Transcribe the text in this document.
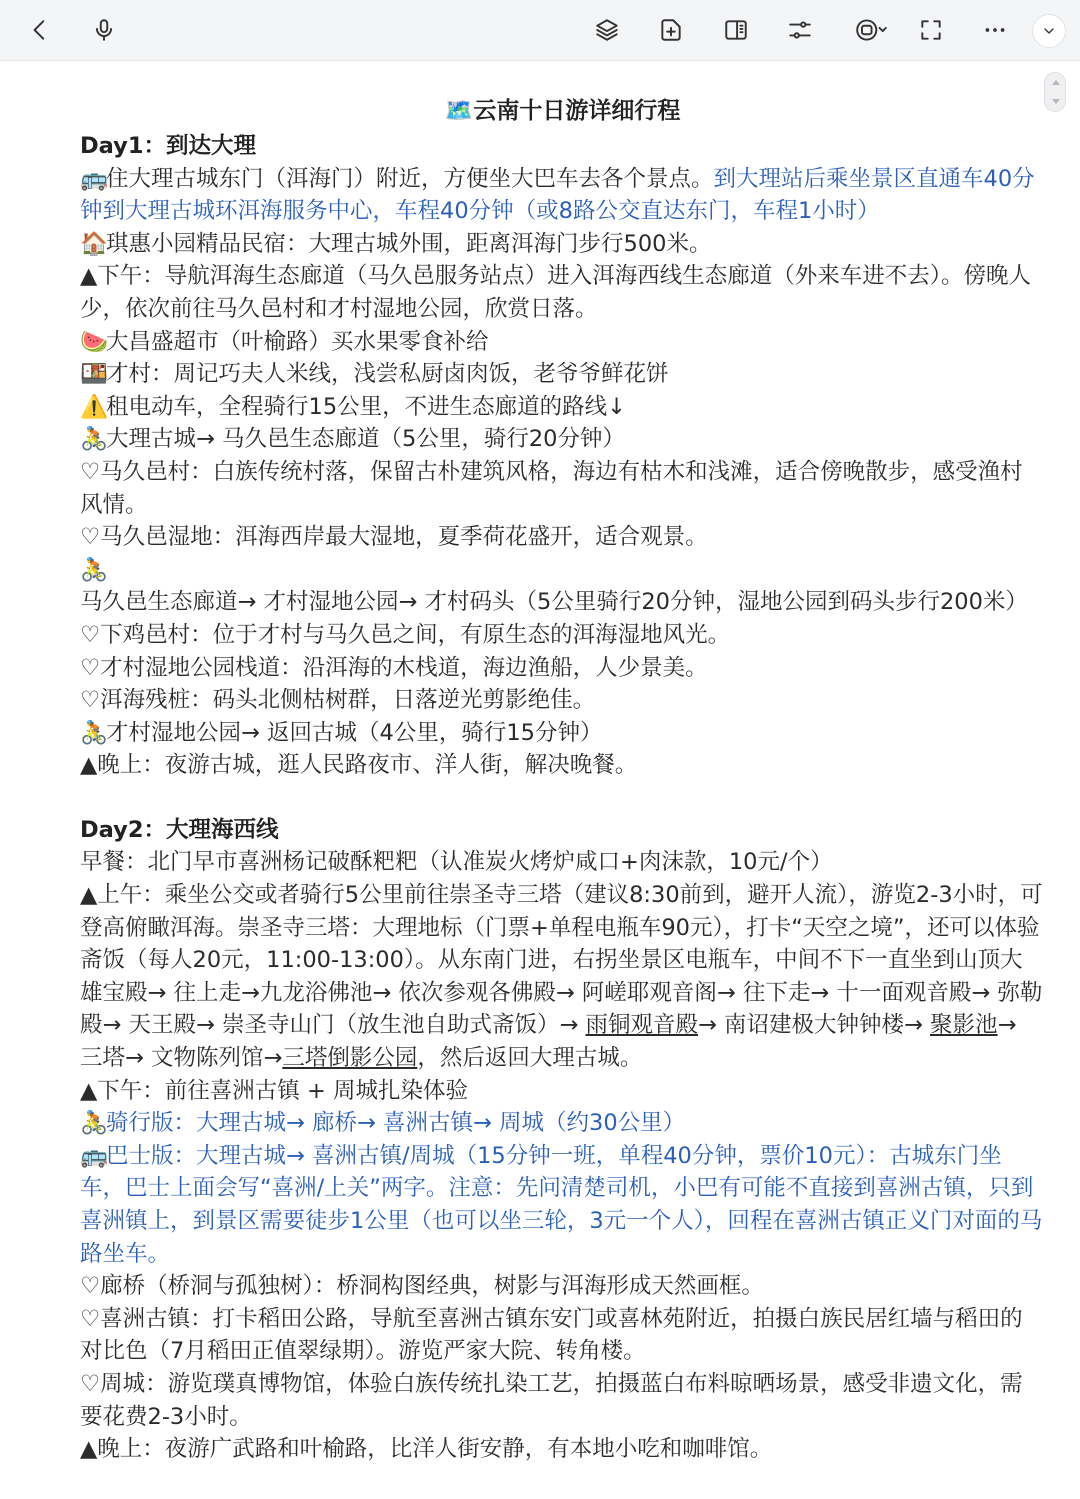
🗺️云南十日游详细行程

Day1：到达大理

🚌住大理古城东门（洱海门）附近，方便坐大巴车去各个景点。到大理站后乘坐景区直通车40分钟到大理古城环洱海服务中心，车程40分钟（或8路公交直达东门，车程1小时）

🏠琪惠小园精品民宿：大理古城外围，距离洱海门步行500米。

▲下午：导航洱海生态廊道（马久邑服务站点）进入洱海西线生态廊道（外来车进不去）。傍晚人少，依次前往马久邑村和才村湿地公园，欣赏日落。

🍉大昌盛超市（叶榆路）买水果零食补给

🍱才村：周记巧夫人米线，浅尝私厨卤肉饭，老爷爷鲜花饼

⚠️租电动车，全程骑行15公里，不进生态廊道的路线↓

🚴大理古城→ 马久邑生态廊道（5公里，骑行20分钟）

♡马久邑村：白族传统村落，保留古朴建筑风格，海边有枯木和浅滩，适合傍晚散步，感受渔村风情。

♡马久邑湿地：洱海西岸最大湿地，夏季荷花盛开，适合观景。

🚴马久邑生态廊道→ 才村湿地公园→ 才村码头（5公里骑行20分钟，湿地公园到码头步行200米）

♡下鸡邑村：位于才村与马久邑之间，有原生态的洱海湿地风光。

♡才村湿地公园栈道：沿洱海的木栈道，海边渔船，人少景美。

♡洱海残桩：码头北侧枯树群，日落逆光剪影绝佳。

🚴才村湿地公园→ 返回古城（4公里，骑行15分钟）

▲晚上：夜游古城，逛人民路夜市、洋人街，解决晚餐。

Day2：大理海西线

早餐：北门早市喜洲杨记破酥粑粑（认准炭火烤炉咸口+肉沫款，10元/个）

▲上午：乘坐公交或者骑行5公里前往崇圣寺三塔（建议8:30前到，避开人流），游览2-3小时，可登高俯瞰洱海。崇圣寺三塔：大理地标（门票+单程电瓶车90元），打卡“天空之境”，还可以体验斋饭（每人20元，11:00-13:00）。从东南门进，右拐坐景区电瓶车，中间不下一直坐到山顶大雄宝殿→ 往上走→九龙浴佛池→ 依次参观各佛殿→ 阿嵯耶观音阁→ 往下走→ 十一面观音殿→ 弥勒殿→ 天王殿→ 崇圣寺山门（放生池自助式斋饭）→ 雨铜观音殿→ 南诏建极大钟钟楼→ 聚影池→ 三塔→ 文物陈列馆→三塔倒影公园，然后返回大理古城。

▲下午：前往喜洲古镇 + 周城扎染体验

🚴骑行版：大理古城→ 廊桥→ 喜洲古镇→ 周城（约30公里）

🚌巴士版：大理古城→ 喜洲古镇/周城（15分钟一班，单程40分钟，票价10元）：古城东门坐车，巴士上面会写“喜洲/上关”两字。注意：先问清楚司机，小巴有可能不直接到喜洲古镇，只到喜洲镇上，到景区需要徒步1公里（也可以坐三轮，3元一个人），回程在喜洲古镇正义门对面的马路坐车。

♡廊桥（桥洞与孤独树）：桥洞构图经典，树影与洱海形成天然画框。

♡喜洲古镇：打卡稻田公路，导航至喜洲古镇东安门或喜林苑附近，拍摄白族民居红墙与稻田的对比色（7月稻田正值翠绿期）。游览严家大院、转角楼。

♡周城：游览璞真博物馆，体验白族传统扎染工艺，拍摄蓝白布料晾晒场景，感受非遗文化，需要花费2-3小时。

▲晚上：夜游广武路和叶榆路，比洋人街安静，有本地小吃和咖啡馆。
